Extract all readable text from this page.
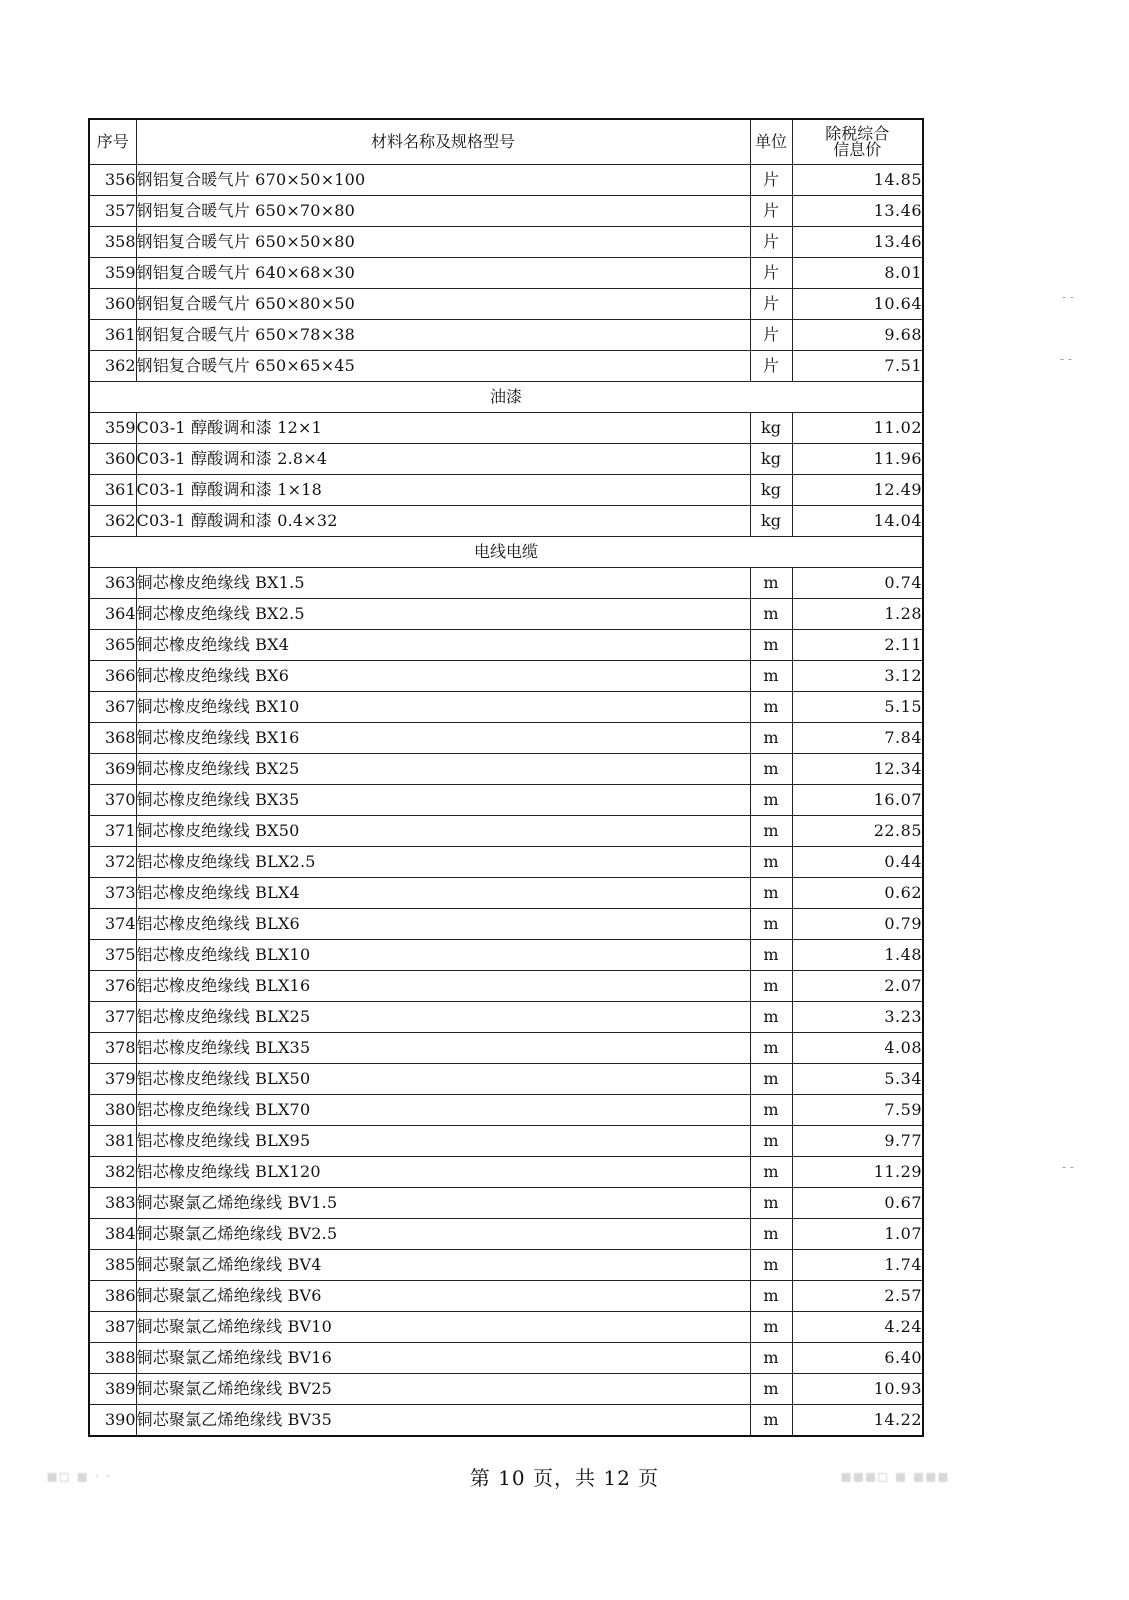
序号	材料名称及规格型号	单位	除税综合
信息价

356	钢铝复合暖气片 670×50×100	片	14.85
357	钢铝复合暖气片 650×70×80	片	13.46
358	钢铝复合暖气片 650×50×80	片	13.46
359	钢铝复合暖气片 640×68×30	片	8.01
360	钢铝复合暖气片 650×80×50	片	10.64
361	钢铝复合暖气片 650×78×38	片	9.68
362	钢铝复合暖气片 650×65×45	片	7.51
油漆			
359	C03-1 醇酸调和漆 12×1	kg	11.02
360	C03-1 醇酸调和漆 2.8×4	kg	11.96
361	C03-1 醇酸调和漆 1×18	kg	12.49
362	C03-1 醇酸调和漆 0.4×32	kg	14.04
电线电缆			
363	铜芯橡皮绝缘线 BX1.5	m	0.74
364	铜芯橡皮绝缘线 BX2.5	m	1.28
365	铜芯橡皮绝缘线 BX4	m	2.11
366	铜芯橡皮绝缘线 BX6	m	3.12
367	铜芯橡皮绝缘线 BX10	m	5.15
368	铜芯橡皮绝缘线 BX16	m	7.84
369	铜芯橡皮绝缘线 BX25	m	12.34
370	铜芯橡皮绝缘线 BX35	m	16.07
371	铜芯橡皮绝缘线 BX50	m	22.85
372	铝芯橡皮绝缘线 BLX2.5	m	0.44
373	铝芯橡皮绝缘线 BLX4	m	0.62
374	铝芯橡皮绝缘线 BLX6	m	0.79
375	铝芯橡皮绝缘线 BLX10	m	1.48
376	铝芯橡皮绝缘线 BLX16	m	2.07
377	铝芯橡皮绝缘线 BLX25	m	3.23
378	铝芯橡皮绝缘线 BLX35	m	4.08
379	铝芯橡皮绝缘线 BLX50	m	5.34
380	铝芯橡皮绝缘线 BLX70	m	7.59
381	铝芯橡皮绝缘线 BLX95	m	9.77
382	铝芯橡皮绝缘线 BLX120	m	11.29
383	铜芯聚氯乙烯绝缘线 BV1.5	m	0.67
384	铜芯聚氯乙烯绝缘线 BV2.5	m	1.07
385	铜芯聚氯乙烯绝缘线 BV4	m	1.74
386	铜芯聚氯乙烯绝缘线 BV6	m	2.57
387	铜芯聚氯乙烯绝缘线 BV10	m	4.24
388	铜芯聚氯乙烯绝缘线 BV16	m	6.40
389	铜芯聚氯乙烯绝缘线 BV25	m	10.93
390	铜芯聚氯乙烯绝缘线 BV35	m	14.22
第 10 页，共 12 页
▪▫ ▪ · ·	▪▪▪▫ ▪ ▪▪▪
- -
- -
- -
